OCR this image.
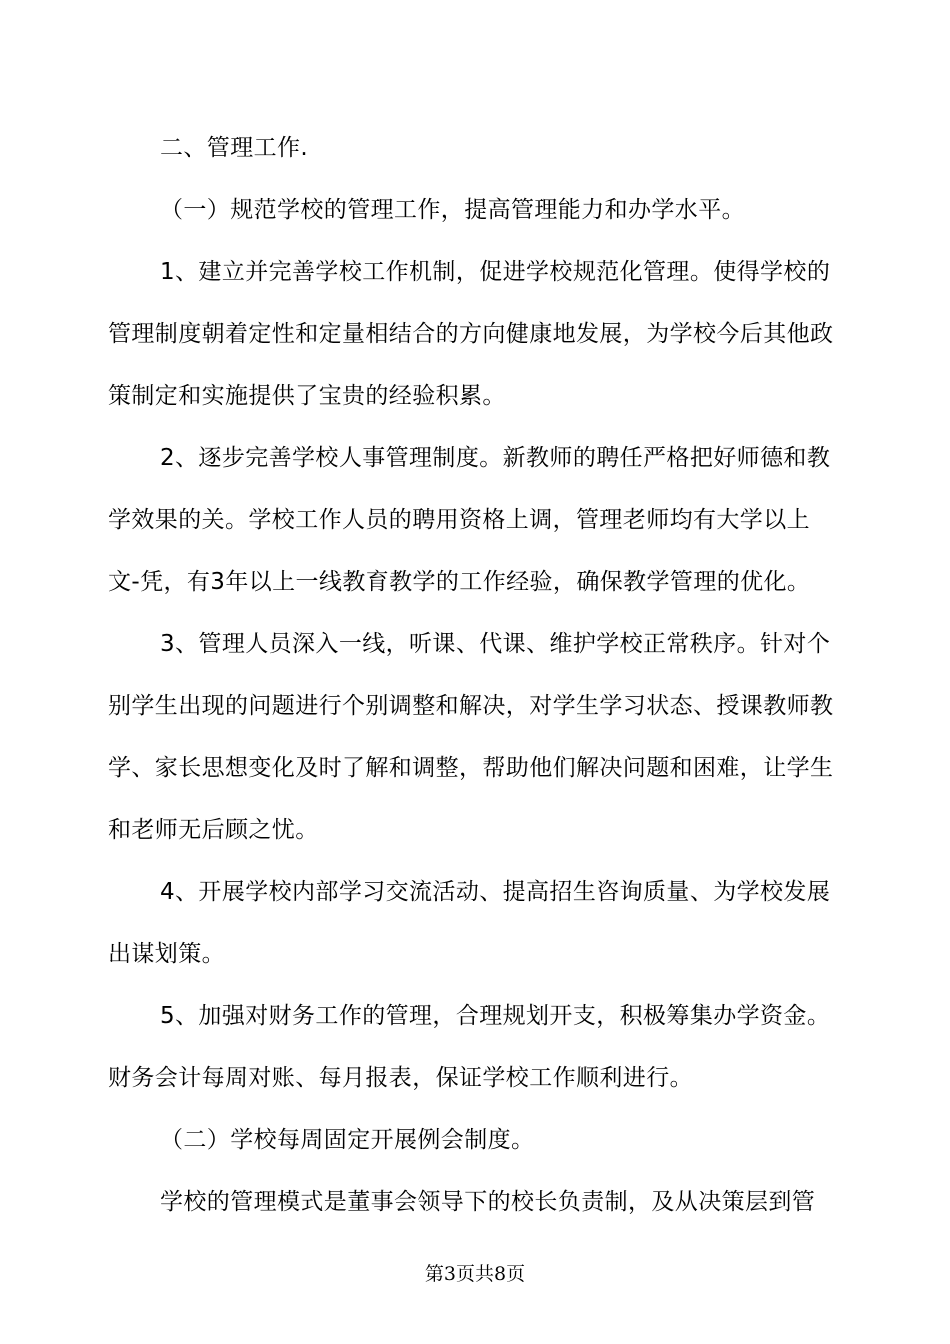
二、管理工作.

（一）规范学校的管理工作，提高管理能力和办学水平。

1、建立并完善学校工作机制，促进学校规范化管理。使得学校的管理制度朝着定性和定量相结合的方向健康地发展，为学校今后其他政策制定和实施提供了宝贵的经验积累。

2、逐步完善学校人事管理制度。新教师的聘任严格把好师德和教学效果的关。学校工作人员的聘用资格上调，管理老师均有大学以上文-凭，有3年以上一线教育教学的工作经验，确保教学管理的优化。

3、管理人员深入一线，听课、代课、维护学校正常秩序。针对个别学生出现的问题进行个别调整和解决，对学生学习状态、授课教师教学、家长思想变化及时了解和调整，帮助他们解决问题和困难，让学生和老师无后顾之忧。

4、开展学校内部学习交流活动、提高招生咨询质量、为学校发展出谋划策。

5、加强对财务工作的管理，合理规划开支，积极筹集办学资金。财务会计每周对账、每月报表，保证学校工作顺利进行。

（二）学校每周固定开展例会制度。

学校的管理模式是董事会领导下的校长负责制，及从决策层到管

第3页共8页
